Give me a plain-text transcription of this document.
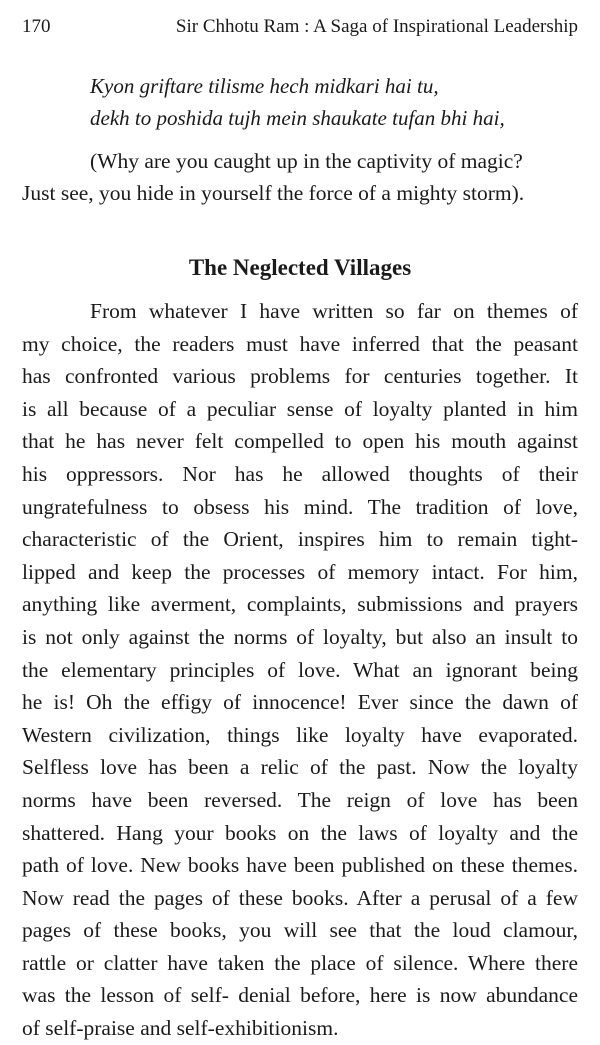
170	Sir Chhotu Ram : A Saga of Inspirational Leadership
Kyon griftare tilisme hech midkari hai tu,
dekh to poshida tujh mein shaukate tufan bhi hai,
(Why are you caught up in the captivity of magic?
Just see, you hide in yourself the force of a mighty storm).
The Neglected Villages
From whatever I have written so far on themes of
my choice, the readers must have inferred that the peasant
has confronted various problems for centuries together. It
is all because of a peculiar sense of loyalty planted in him
that he has never felt compelled to open his mouth against
his oppressors. Nor has he allowed thoughts of their
ungratefulness to obsess his mind. The tradition of love,
characteristic of the Orient, inspires him to remain tight-
lipped and keep the processes of memory intact. For him,
anything like averment, complaints, submissions and prayers
is not only against the norms of loyalty, but also an insult to
the elementary principles of love. What an ignorant being
he is! Oh the effigy of innocence! Ever since the dawn of
Western civilization, things like loyalty have evaporated.
Selfless love has been a relic of the past. Now the loyalty
norms have been reversed. The reign of love has been
shattered. Hang your books on the laws of loyalty and the
path of love. New books have been published on these themes.
Now read the pages of these books. After a perusal of a few
pages of these books, you will see that the loud clamour,
rattle or clatter have taken the place of silence. Where there
was the lesson of self- denial before, here is now abundance
of self-praise and self-exhibitionism.
